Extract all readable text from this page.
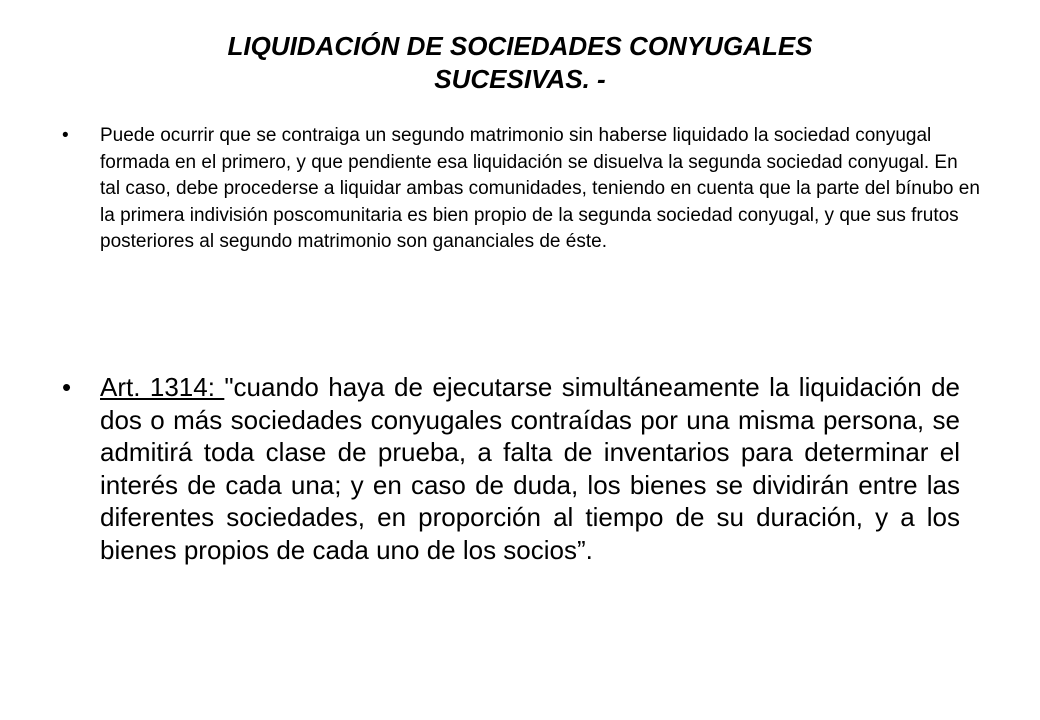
LIQUIDACIÓN DE SOCIEDADES CONYUGALES
SUCESIVAS. -
•	Puede ocurrir que se contraiga un segundo matrimonio sin haberse liquidado la sociedad conyugal formada en el primero, y que pendiente esa liquidación se disuelva la segunda sociedad conyugal. En tal caso, debe procederse a liquidar ambas comunidades, teniendo en cuenta que la parte del bínubo en la primera indivisión poscomunitaria es bien propio de la segunda sociedad conyugal, y que sus frutos posteriores al segundo matrimonio son gananciales de éste.
•	Art. 1314: "cuando haya de ejecutarse simultáneamente la liquidación de dos o más sociedades conyugales contraídas por una misma persona, se admitirá toda clase de prueba, a falta de inventarios para determinar el interés de cada una; y en caso de duda, los bienes se dividirán entre las diferentes sociedades, en proporción al tiempo de su duración, y a los bienes propios de cada uno de los socios”.
